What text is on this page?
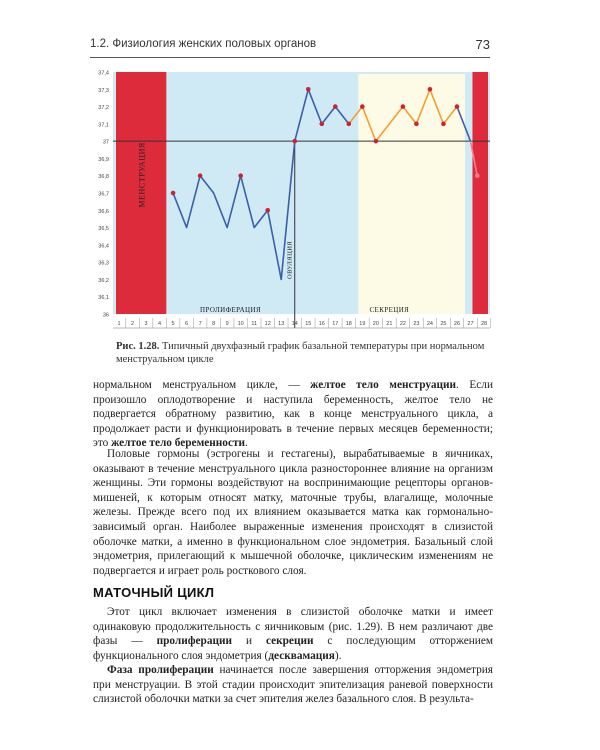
1.2. Физиология женских половых органов	73
37,4
37,3
37,2
37,1
37
36,9
36,8
36,7
36,6
36,5
36,4
36,3
36,2
36,1
36
1 2 3 4 5 6 7 8 9 10 11 12 13 14 15 16 17 18 19 20 21 22 23 24 25 26 27 28
МЕНСТРУАЦИЯ
ОВУЛЯЦИЯ
ПРОЛИФЕРАЦИЯ	СЕКРЕЦИЯ
Рис. 1.28. Типичный двухфазный график базальной температуры при нормальном менструальном цикле

нормальном менструальном цикле, — желтое тело менструации. Если произошло оплодотворение и наступила беременность, желтое тело не подвергается обратному развитию, как в конце менструального цикла, а продолжает расти и функционировать в течение первых месяцев беременности; это желтое тело беременности.

Половые гормоны (эстрогены и гестагены), вырабатываемые в яичниках, оказывают в течение менструального цикла разностороннее влияние на организм женщины. Эти гормоны воздействуют на воспринимающие рецепторы органов-мишеней, к которым относят матку, маточные трубы, влагалище, молочные железы. Прежде всего под их влиянием оказывается матка как гормонально-зависимый орган. Наиболее выраженные изменения происходят в слизистой оболочке матки, а именно в функциональном слое эндометрия. Базальный слой эндометрия, прилегающий к мышечной оболочке, циклическим изменениям не подвергается и играет роль росткового слоя.

МАТОЧНЫЙ ЦИКЛ

Этот цикл включает изменения в слизистой оболочке матки и имеет одинаковую продолжительность с яичниковым (рис. 1.29). В нем различают две фазы — пролиферации и секреции с последующим отторжением функционального слоя эндометрия (десквамация).

Фаза пролиферации начинается после завершения отторжения эндометрия при менструации. В этой стадии происходит эпителизация раневой поверхности слизистой оболочки матки за счет эпителия желез базального слоя. В результа-
